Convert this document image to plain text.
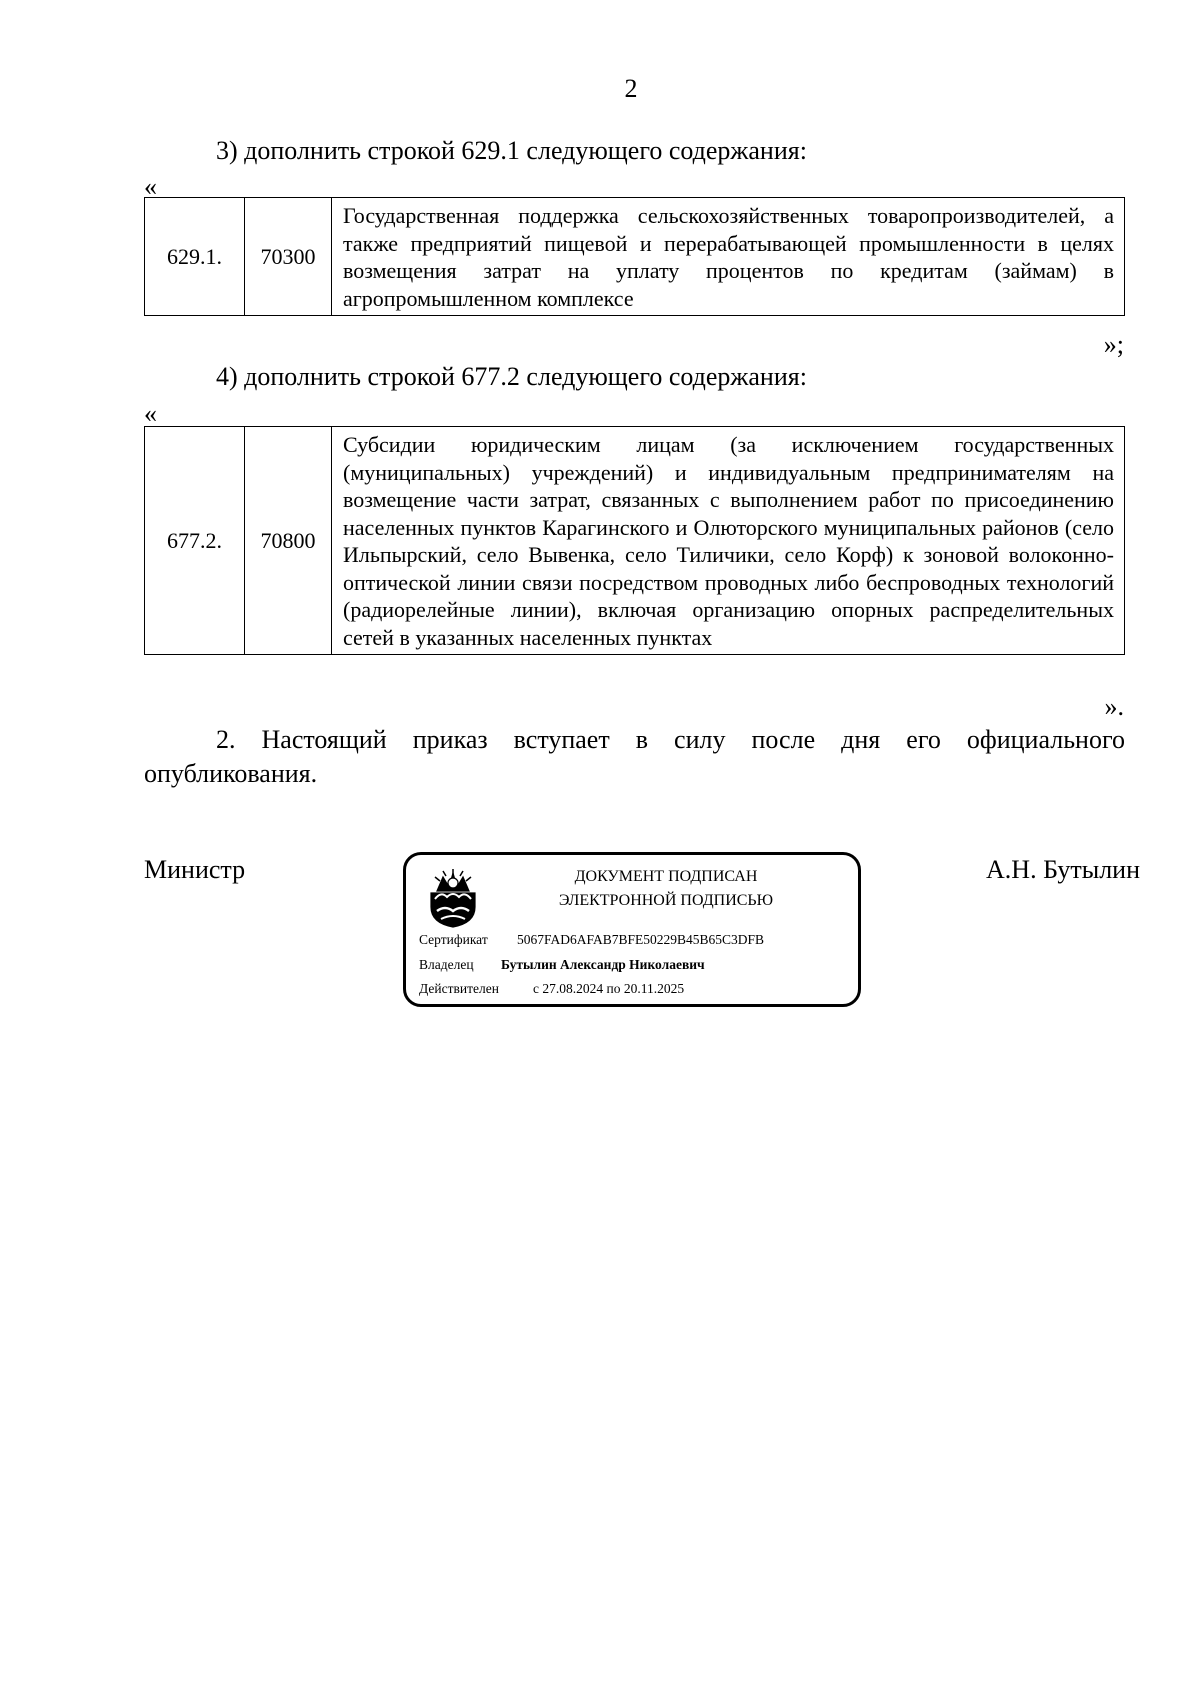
2
3) дополнить строкой 629.1 следующего содержания:
«
629.1.	70300	Государственная поддержка сельскохозяйственных товаропроизводителей, а также предприятий пищевой и перерабатывающей промышленности в целях возмещения затрат на уплату процентов по кредитам (займам) в агропромышленном комплексе
»;
4) дополнить строкой 677.2 следующего содержания:
«
677.2.	70800	Субсидии юридическим лицам (за исключением государственных (муниципальных) учреждений) и индивидуальным предпринимателям на возмещение части затрат, связанных с выполнением работ по присоединению населенных пунктов Карагинского и Олюторского муниципальных районов (село Ильпырский, село Вывенка, село Тиличики, село Корф) к зоновой волоконно-оптической линии связи посредством проводных либо беспроводных технологий (радиорелейные линии), включая организацию опорных распределительных сетей в указанных населенных пунктах
».
2. Настоящий приказ вступает в силу после дня его официального опубликования.
Министр	А.Н. Бутылин
ДОКУМЕНТ ПОДПИСАН
ЭЛЕКТРОННОЙ ПОДПИСЬЮ
Сертификат 5067FAD6AFAB7BFE50229B45B65C3DFB
Владелец Бутылин Александр Николаевич
Действителен	с 27.08.2024 по 20.11.2025
